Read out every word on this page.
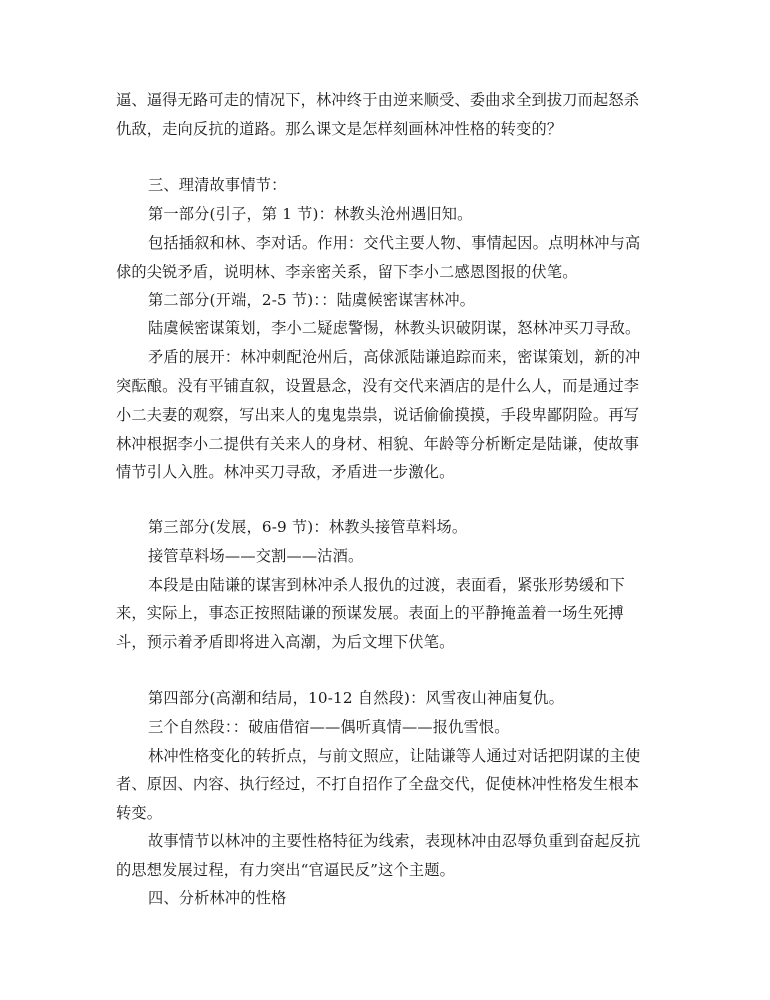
逼、逼得无路可走的情况下，林冲终于由逆来顺受、委曲求全到拔刀而起怒杀
仇敌，走向反抗的道路。那么课文是怎样刻画林冲性格的转变的？
三、理清故事情节：
第一部分(引子，第 1 节)：林教头沧州遇旧知。
包括插叙和林、李对话。作用：交代主要人物、事情起因。点明林冲与高
俅的尖锐矛盾，说明林、李亲密关系，留下李小二感恩图报的伏笔。
第二部分(开端，2-5 节)：：陆虞候密谋害林冲。
陆虞候密谋策划，李小二疑虑警惕，林教头识破阴谋，怒林冲买刀寻敌。
矛盾的展开：林冲刺配沧州后，高俅派陆谦追踪而来，密谋策划，新的冲
突酝酿。没有平铺直叙，设置悬念，没有交代来酒店的是什么人，而是通过李
小二夫妻的观察，写出来人的鬼鬼祟祟，说话偷偷摸摸，手段卑鄙阴险。再写
林冲根据李小二提供有关来人的身材、相貌、年龄等分析断定是陆谦，使故事
情节引人入胜。林冲买刀寻敌，矛盾进一步激化。
第三部分(发展，6-9 节)：林教头接管草料场。
接管草料场——交割——沽酒。
本段是由陆谦的谋害到林冲杀人报仇的过渡，表面看，紧张形势缓和下
来，实际上，事态正按照陆谦的预谋发展。表面上的平静掩盖着一场生死搏
斗，预示着矛盾即将进入高潮，为后文埋下伏笔。
第四部分(高潮和结局，10-12 自然段)：风雪夜山神庙复仇。
三个自然段：：破庙借宿——偶听真情——报仇雪恨。
林冲性格变化的转折点，与前文照应，让陆谦等人通过对话把阴谋的主使
者、原因、内容、执行经过，不打自招作了全盘交代，促使林冲性格发生根本
转变。
故事情节以林冲的主要性格特征为线索，表现林冲由忍辱负重到奋起反抗
的思想发展过程，有力突出“官逼民反”这个主题。
四、分析林冲的性格
